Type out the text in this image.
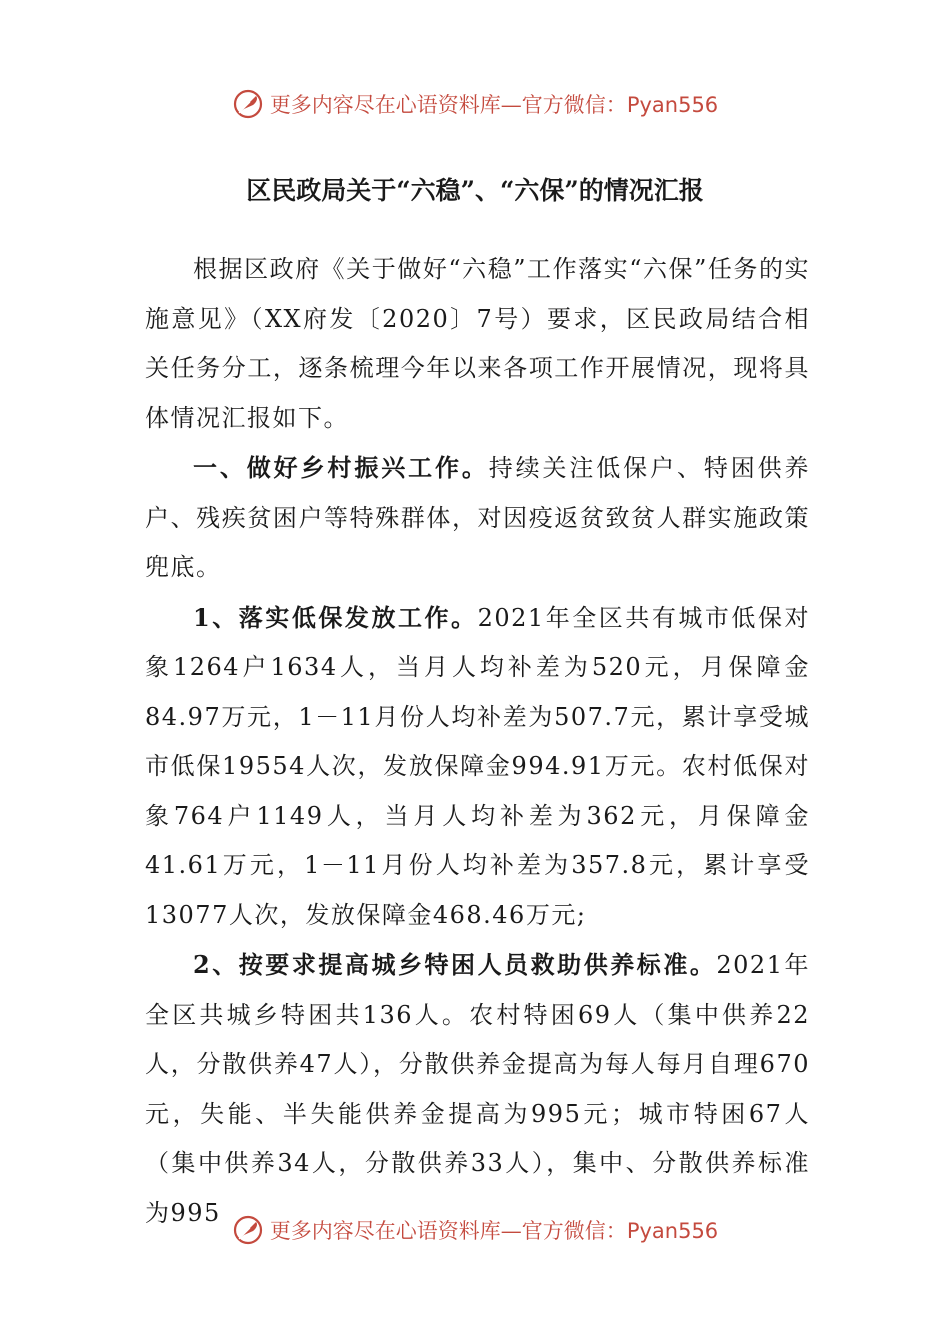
更多内容尽在心语资料库—官方微信：Pyan556
区民政局关于“六稳”、“六保”的情况汇报

根据区政府《关于做好“六稳”工作落实“六保”任务的实施意见》（XX府发〔2020〕7号）要求，区民政局结合相关任务分工，逐条梳理今年以来各项工作开展情况，现将具体情况汇报如下。

一、做好乡村振兴工作。持续关注低保户、特困供养户、残疾贫困户等特殊群体，对因疫返贫致贫人群实施政策兜底。

1、落实低保发放工作。2021年全区共有城市低保对象1264户1634人，当月人均补差为520元，月保障金84.97万元，1－11月份人均补差为507.7元，累计享受城市低保19554人次，发放保障金994.91万元。农村低保对象764户1149人，当月人均补差为362元，月保障金41.61万元，1－11月份人均补差为357.8元，累计享受13077人次，发放保障金468.46万元;

2、按要求提高城乡特困人员救助供养标准。2021年全区共城乡特困共136人。农村特困69人（集中供养22人，分散供养47人），分散供养金提高为每人每月自理670元，失能、半失能供养金提高为995元；城市特困67人（集中供养34人，分散供养33人），集中、分散供养标准为995

更多内容尽在心语资料库—官方微信：Pyan556
